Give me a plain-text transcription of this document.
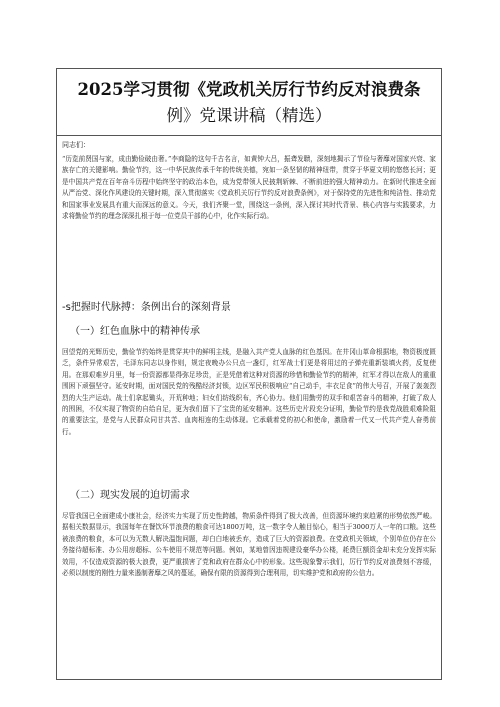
2025学习贯彻《党政机关厉行节约反对浪费条
例》党课讲稿（精选）

同志们：

“历览前贤国与家，成由勤俭破由奢。”李商隐的这句千古名言，如黄钟大吕，振聋发聩，深刻地揭示了节俭与奢靡对国家兴衰、家族存亡的关键影响。勤俭节约，这一中华民族传承千年的传统美德，宛如一条坚韧的精神纽带，贯穿于华夏文明的悠悠长河；更是中国共产党在百年奋斗历程中始终坚守的政治本色，成为党带领人民披荆斩棘、不断前进的强大精神动力。在新时代推进全面从严治党、深化作风建设的关键时期，深入贯彻落实《党政机关厉行节约反对浪费条例》，对于保持党的先进性和纯洁性、推动党和国家事业发展具有重大而深远的意义。今天，我们齐聚一堂，围绕这一条例，深入探讨其时代背景、核心内容与实践要求，力求将勤俭节约的理念深深扎根于每一位党员干部的心中，化作实际行动。

-s把握时代脉搏：条例出台的深刻背景
（一）红色血脉中的精神传承

回望党的光辉历史，勤俭节约始终是贯穿其中的鲜明主线，是融入共产党人血脉的红色基因。在井冈山革命根据地，物资极度匮乏，条件异常艰苦，毛泽东同志以身作则，规定夜晚办公只点一盏灯，红军战士们更是将用过的子弹壳重新装填火药，反复使用。在那艰难岁月里，每一份资源都显得弥足珍贵，正是凭借着这种对资源的珍惜和勤俭节约的精神，红军才得以在敌人的重重围困下顽强坚守。延安时期，面对国民党的残酷经济封锁，边区军民积极响应“自己动手，丰衣足食”的伟大号召，开展了轰轰烈烈的大生产运动。战士们拿起锄头，开荒种地；妇女们纺线织布，齐心协力。他们用勤劳的双手和艰苦奋斗的精神，打破了敌人的围困，不仅实现了物资的自给自足，更为我们留下了宝贵的延安精神。这些历史片段充分证明，勤俭节约是我党战胜艰难险阻的重要法宝，是党与人民群众同甘共苦、血肉相连的生动体现。它承载着党的初心和使命，激励着一代又一代共产党人奋勇前行。

（二）现实发展的迫切需求

尽管我国已全面建成小康社会，经济实力实现了历史性跨越，物质条件得到了极大改善，但资源环境约束趋紧的形势依然严峻。据相关数据显示，我国每年在餐饮环节浪费的粮食可达1800万吨，这一数字令人触目惊心，相当于3000万人一年的口粮。这些被浪费的粮食，本可以为无数人解决温饱问题，却白白地被丢弃，造成了巨大的资源浪费。在党政机关领域，个别单位仍存在公务接待超标准、办公用房超标、公车使用不规范等问题。例如，某地曾因违规建设豪华办公楼，耗费巨额资金却未充分发挥实际效用，不仅造成资源的极大浪费，更严重损害了党和政府在群众心中的形象。这些现象警示我们，厉行节约反对浪费刻不容缓，必须以制度的刚性力量来遏制奢靡之风的蔓延，确保有限的资源得到合理利用，切实维护党和政府的公信力。
